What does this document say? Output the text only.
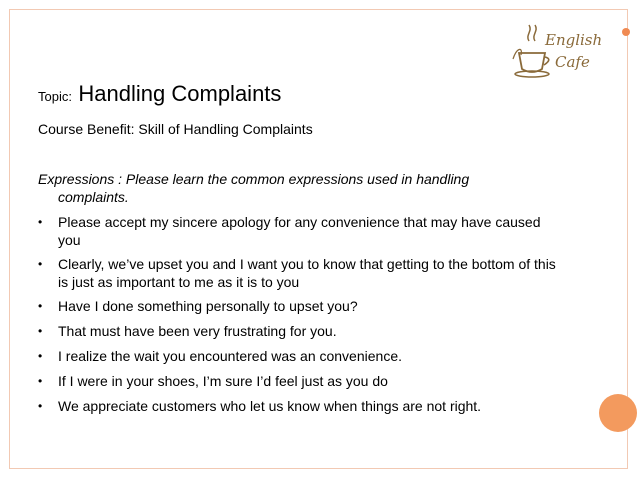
English
Cafe
Topic: Handling Complaints
Course Benefit: Skill of Handling Complaints
Expressions : Please learn the common expressions used in handling
complaints.
• Please accept my sincere apology for any convenience that may have caused you
• Clearly, we’ve upset you and I want you to know that getting to the bottom of this is just as important to me as it is to you
• Have I done something personally to upset you?
• That must have been very frustrating for you.
• I realize the wait you encountered was an convenience.
• If I were in your shoes, I’m sure I’d feel just as you do
• We appreciate customers who let us know when things are not right.
